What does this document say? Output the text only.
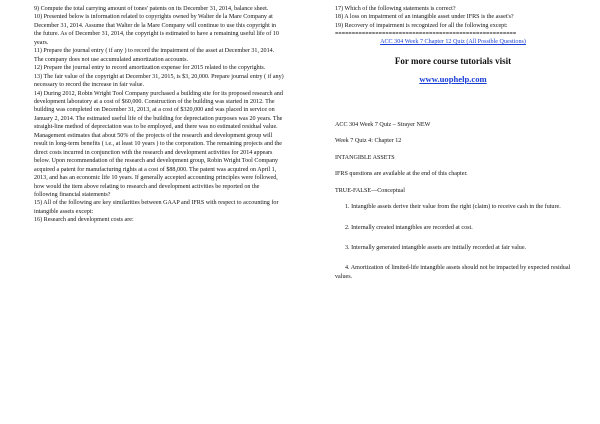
9) Compute the total carrying amount of tones' patents on its December 31, 2014, balance sheet.

10) Presented below is information related to copyrights owned by Walter de la Mare Company at December 31, 2014. Assume that Walter de la Mare Company will continue to use this copyright in the future. As of December 31, 2014, the copyright is estimated to have a remaining useful life of 10 years.

11) Prepare the journal entry ( if any ) to record the impairment of the asset at December 31, 2014. The company does not use accumulated amortization accounts.

12) Prepare the journal entry to record amortization expense for 2015 related to the copyrights.

13) The fair value of the copyright at December 31, 2015, is $3, 20,000. Prepare journal entry ( if any) necessary to record the increase in fair value.

14) During 2012, Robin Wright Tool Company purchased a building site for its proposed research and development laboratory at a cost of $60,000. Construction of the building was started in 2012. The building was completed on December 31, 2013, at a cost of $320,000 and was placed in service on January 2, 2014. The estimated useful life of the building for depreciation purposes was 20 years. The straight-line method of depreciation was to be employed, and there was no estimated residual value. Management estimates that about 50% of the projects of the research and development group will result in long-term benefits ( i.e., at least 10 years ) to the corporation. The remaining projects and the direct costs incurred in conjunction with the research and development activities for 2014 appears below. Upon recommendation of the research and development group, Robin Wright Tool Company acquired a patent for manufacturing rights at a cost of $88,000. The patent was acquired on April 1, 2013, and has an economic life 10 years. If generally accepted accounting principles were followed, how would the item above relating to research and development activities be reported on the following financial statements?

15) All of the following are key similarities between GAAP and IFRS with respect to accounting for intangible assets except:

16) Research and development costs are:

17) Which of the following statements is correct?

18) A loss on impairment of an intangible asset under IFRS is the asset's?

19) Recovery of impairment is recognized for all the following except:

======================================================
ACC 304 Week 7 Chapter 12 Quiz (All Possible Questions)
For more course tutorials visit
www.uophelp.com

ACC 304 Week 7 Quiz – Strayer NEW

Week 7 Quiz 4: Chapter 12

INTANGIBLE ASSETS

IFRS questions are available at the end of this chapter.

TRUE-FALSE—Conceptual

1. Intangible assets derive their value from the right (claim) to receive cash in the future.

2. Internally created intangibles are recorded at cost.

3. Internally generated intangible assets are initially recorded at fair value.

4. Amortization of limited-life intangible assets should not be impacted by expected residual values.
